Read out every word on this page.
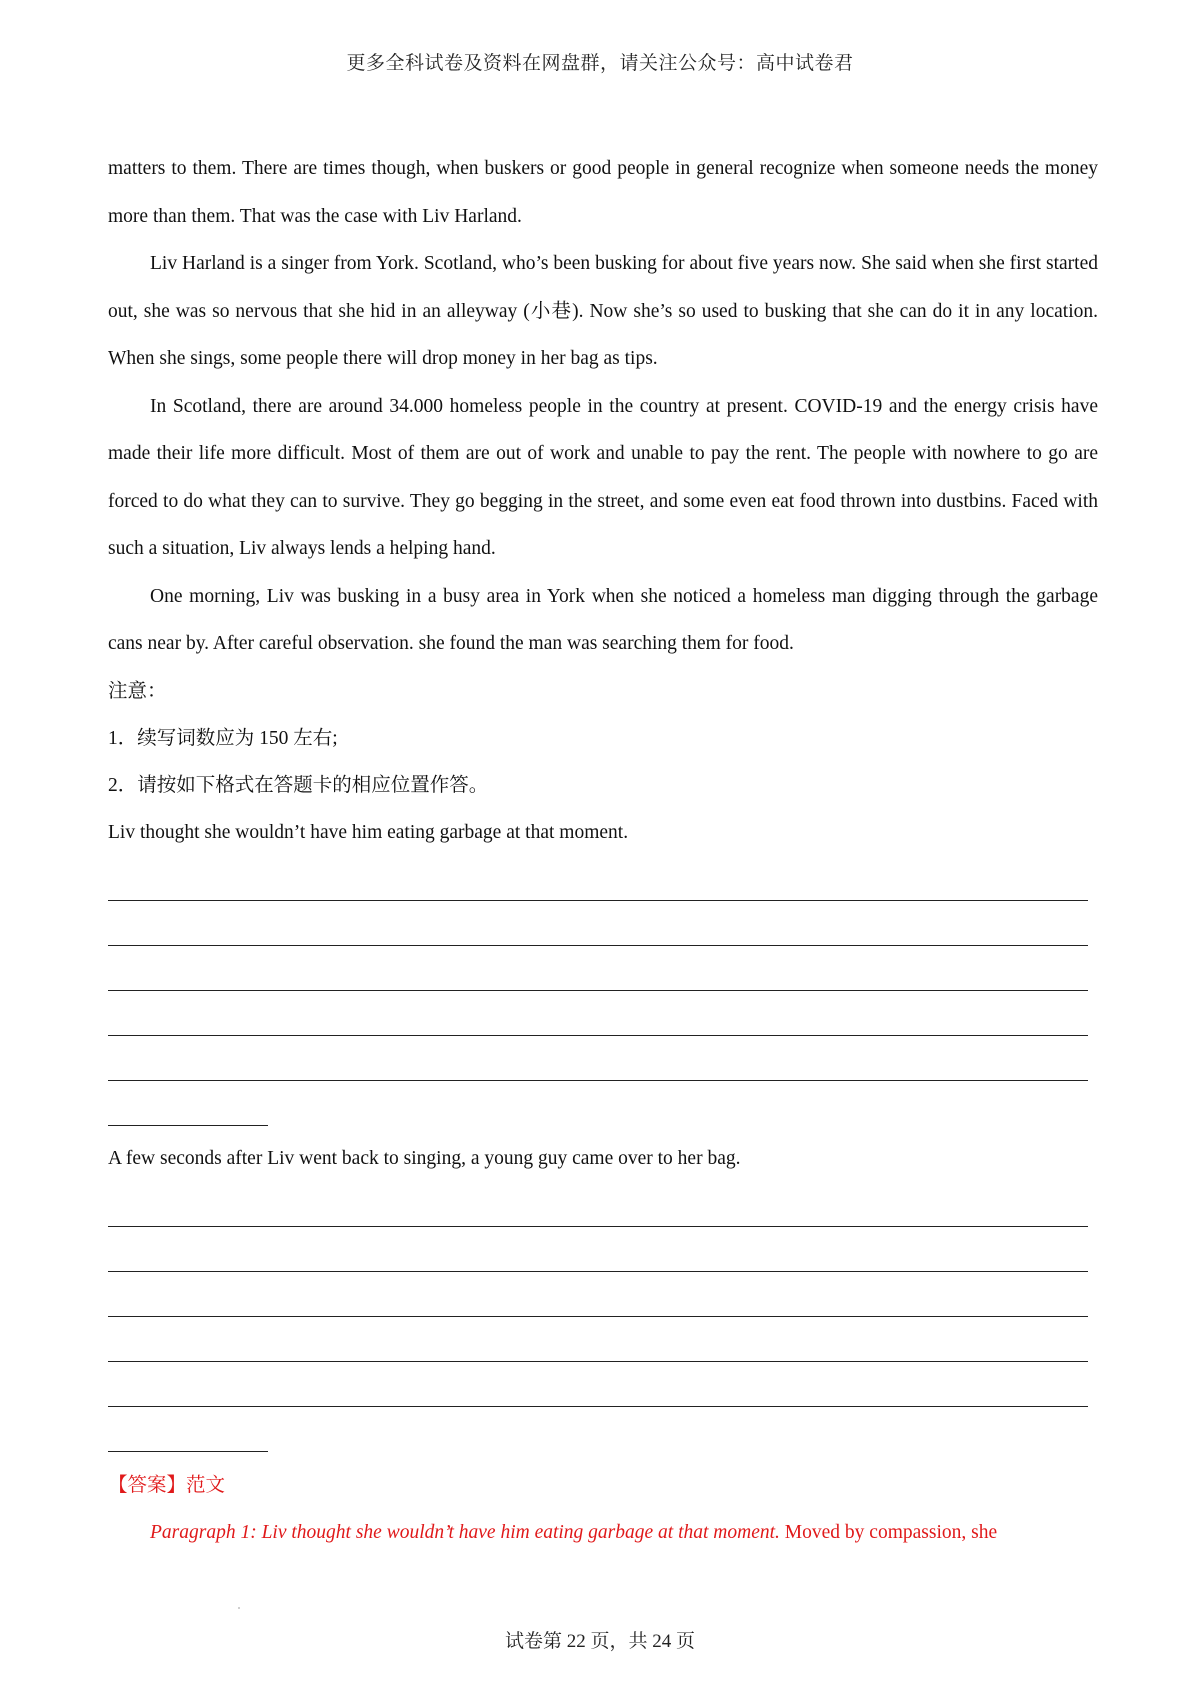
更多全科试卷及资料在网盘群，请关注公众号：高中试卷君

matters to them. There are times though, when buskers or good people in general recognize when someone needs the money more than them. That was the case with Liv Harland.

Liv Harland is a singer from York. Scotland, who’s been busking for about five years now. She said when she first started out, she was so nervous that she hid in an alleyway (小巷). Now she’s so used to busking that she can do it in any location. When she sings, some people there will drop money in her bag as tips.

In Scotland, there are around 34.000 homeless people in the country at present. COVID-19 and the energy crisis have made their life more difficult. Most of them are out of work and unable to pay the rent. The people with nowhere to go are forced to do what they can to survive. They go begging in the street, and some even eat food thrown into dustbins. Faced with such a situation, Liv always lends a helping hand.

One morning, Liv was busking in a busy area in York when she noticed a homeless man digging through the garbage cans near by. After careful observation. she found the man was searching them for food.

注意：

1．续写词数应为 150 左右;

2．请按如下格式在答题卡的相应位置作答。

Liv thought she wouldn’t have him eating garbage at that moment.

A few seconds after Liv went back to singing, a young guy came over to her bag.

【答案】范文

Paragraph 1: Liv thought she wouldn’t have him eating garbage at that moment. Moved by compassion, she

试卷第 22 页，共 24 页
